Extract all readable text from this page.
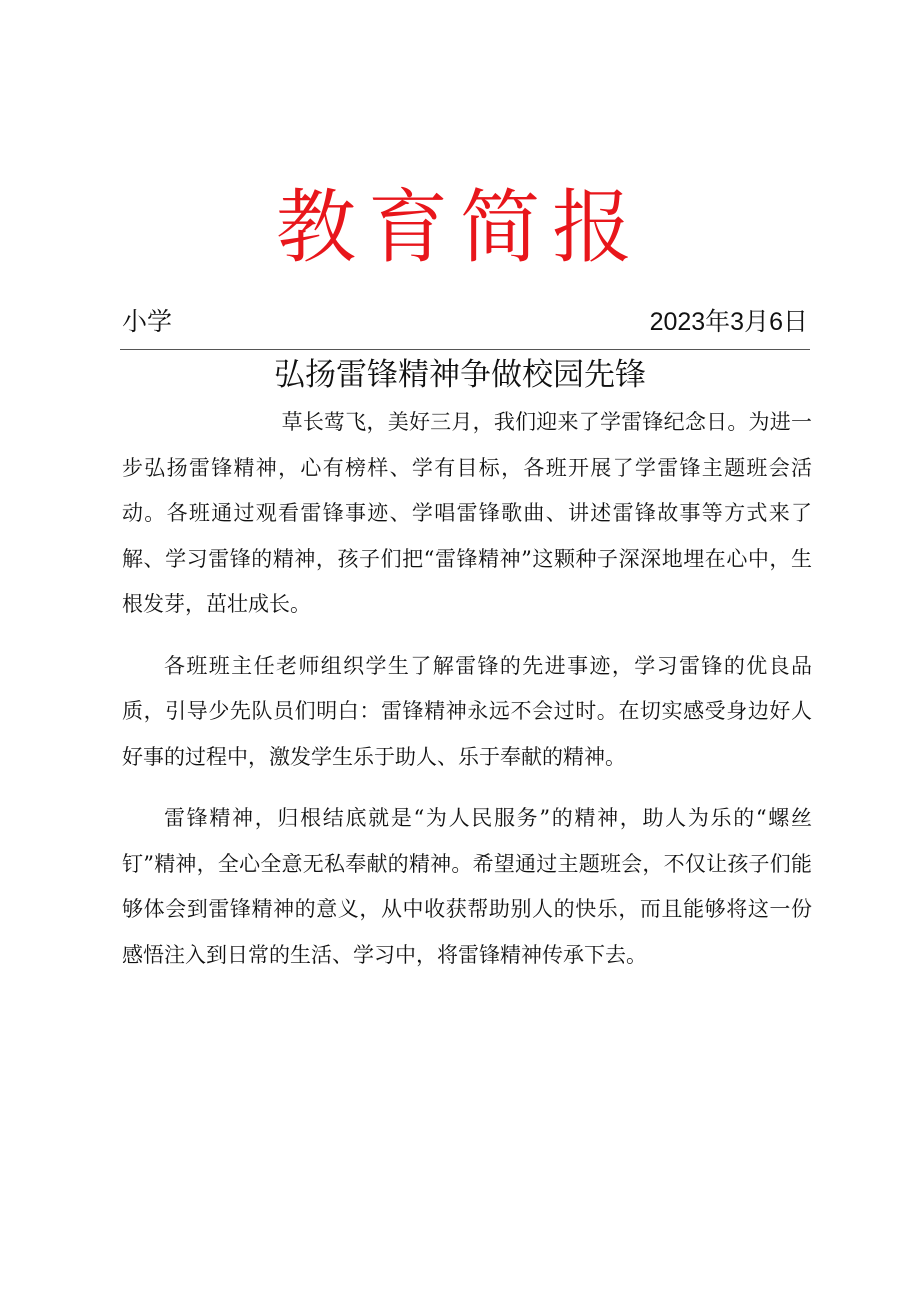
教育简报
小学	2023年3月6日
弘扬雷锋精神争做校园先锋

草长莺飞，美好三月，我们迎来了学雷锋纪念日。为进一步弘扬雷锋精神，心有榜样、学有目标，各班开展了学雷锋主题班会活动。各班通过观看雷锋事迹、学唱雷锋歌曲、讲述雷锋故事等方式来了解、学习雷锋的精神，孩子们把“雷锋精神”这颗种子深深地埋在心中，生根发芽，茁壮成长。

各班班主任老师组织学生了解雷锋的先进事迹，学习雷锋的优良品质，引导少先队员们明白：雷锋精神永远不会过时。在切实感受身边好人好事的过程中，激发学生乐于助人、乐于奉献的精神。

雷锋精神，归根结底就是“为人民服务”的精神，助人为乐的“螺丝钉”精神，全心全意无私奉献的精神。希望通过主题班会，不仅让孩子们能够体会到雷锋精神的意义，从中收获帮助别人的快乐，而且能够将这一份感悟注入到日常的生活、学习中，将雷锋精神传承下去。
